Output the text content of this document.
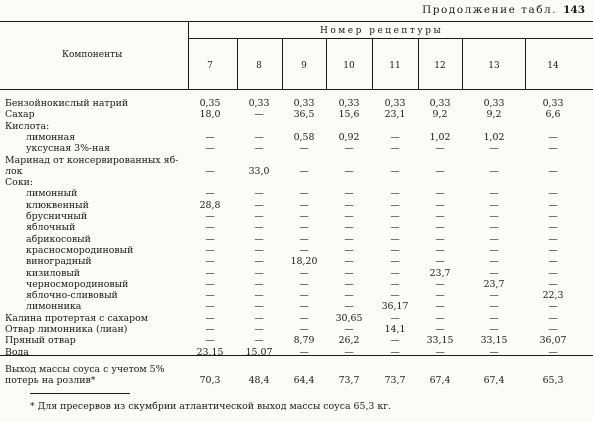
Продолжение табл. 143
Компоненты
Номер рецептуры
7	8	9	10	11	12	13	14
Бензойнокислый натрий	0,35	0,33	0,33	0,33	0,33	0,33	0,33	0,33
Сахар	18,0	—	36,5	15,6	23,1	9,2	9,2	6,6
Кислота:
лимонная	—	—	0,58	0,92	—	1,02	1,02	—
уксусная 3%-ная	—	—	—	—	—	—	—	—
Маринад от консервированных яб-
лок	—	33,0	—	—	—	—	—	—
Соки:
лимонный	—	—	—	—	—	—	—	—
клюквенный	28,8	—	—	—	—	—	—	—
брусничный	—	—	—	—	—	—	—	—
яблочный	—	—	—	—	—	—	—	—
абрикосовый	—	—	—	—	—	—	—	—
красносмородиновый	—	—	—	—	—	—	—	—
виноградный	—	—	18,20	—	—	—	—	—
кизиловый	—	—	—	—	—	23,7	—	—
черносмородиновый	—	—	—	—	—	—	23,7	—
яблочно-сливовый	—	—	—	—	—	—	—	22,3
лимонника	—	—	—	—	36,17	—	—	—
Калина протертая с сахаром	—	—	—	30,65	—	—	—	—
Отвар лимонника (лиан)	—	—	—	—	14,1	—	—	—
Пряный отвар	—	—	8,79	26,2	—	33,15	33,15	36,07
Вода	23,15	15,07	—	—	—	—	—	—
Выход массы соуса с учетом 5%
потерь на розлив*	70,3	48,4	64,4	73,7	73,7	67,4	67,4	65,3
* Для пресервов из скумбрии атлантической выход массы соуса 65,3 кг.
